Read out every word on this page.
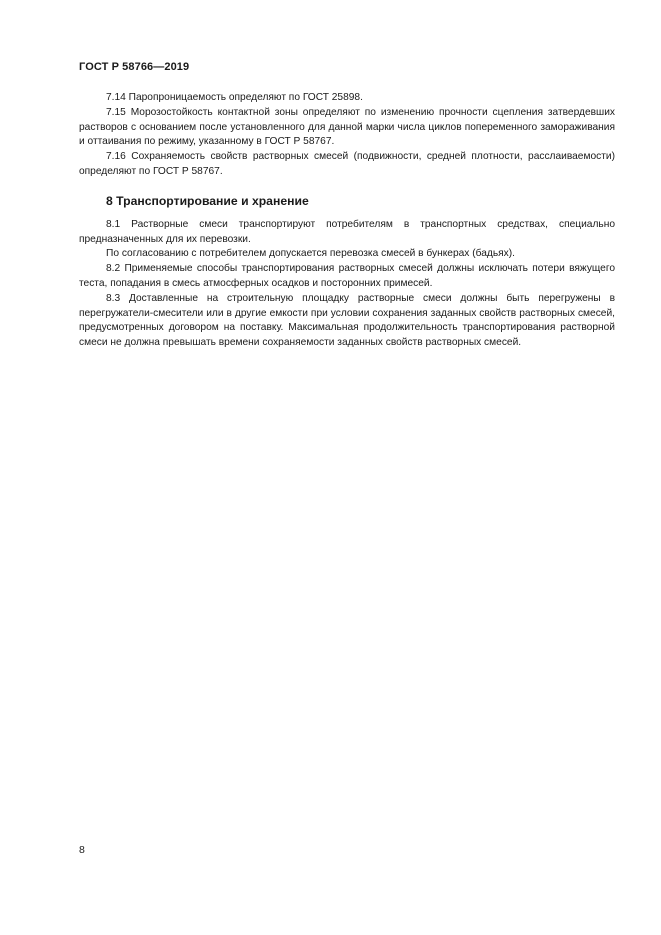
ГОСТ Р 58766—2019

7.14 Паропроницаемость определяют по ГОСТ 25898.

7.15 Морозостойкость контактной зоны определяют по изменению прочности сцепления затвердевших растворов с основанием после установленного для данной марки числа циклов попеременного замораживания и оттаивания по режиму, указанному в ГОСТ Р 58767.

7.16 Сохраняемость свойств растворных смесей (подвижности, средней плотности, расслаиваемости) определяют по ГОСТ Р 58767.

8 Транспортирование и хранение

8.1 Растворные смеси транспортируют потребителям в транспортных средствах, специально предназначенных для их перевозки.

По согласованию с потребителем допускается перевозка смесей в бункерах (бадьях).

8.2 Применяемые способы транспортирования растворных смесей должны исключать потери вяжущего теста, попадания в смесь атмосферных осадков и посторонних примесей.

8.3 Доставленные на строительную площадку растворные смеси должны быть перегружены в перегружатели-смесители или в другие емкости при условии сохранения заданных свойств растворных смесей, предусмотренных договором на поставку. Максимальная продолжительность транспортирования растворной смеси не должна превышать времени сохраняемости заданных свойств растворных смесей.

8
